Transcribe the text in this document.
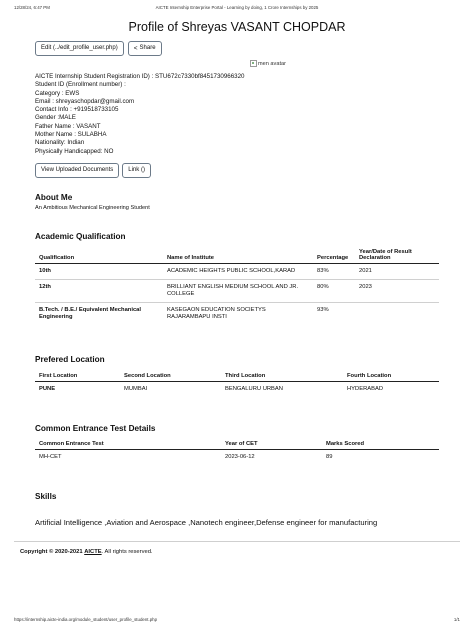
12/28/24, 6:47 PM	AICTE Internship Enterprise Portal - Learning by doing, 1 Crore Internships by 2025
Profile of Shreyas VASANT CHOPDAR
Edit (../edit_profile_user.php) < Share
men avatar
AICTE Internship Student Registration ID) : STU672c7330bf8451730966320
Student ID (Enrollment number) :
Category : EWS
Email : shreyaschopdar@gmail.com
Contact Info : +919518733105
Gender :MALE
Father Name : VASANT
Mother Name : SULABHA
Nationality: Indian
Physically Handicapped: NO
View Uploaded Documents	Link ()
About Me
An Ambitious Mechanical Engineering Student
Academic Qualification
Qualification	Name of Institute	Percentage	Year/Date of Result Declaration
10th	ACADEMIC HEIGHTS PUBLIC SCHOOL,KARAD	83%	2021
12th	BRILLIANT ENGLISH MEDIUM SCHOOL AND JR. COLLEGE	80%	2023
B.Tech. / B.E./ Equivalent Mechanical Engineering	KASEGAON EDUCATION SOCIETYS RAJARAMBAPU INSTI	93%	
Prefered Location
First Location	Second Location	Third Location	Fourth Location
PUNE	MUMBAI	BENGALURU URBAN	HYDERABAD
Common Entrance Test Details
Common Entrance Test	Year of CET	Marks Scored
MH-CET	2023-06-12	89
Skills
Artificial Intelligence ,Aviation and Aerospace ,Nanotech engineer,Defense engineer for manufacturing
Copyright © 2020-2021 AICTE. All rights reserved.
https://internship.aicte-india.org/module_student/user_profile_student.php	1/1
